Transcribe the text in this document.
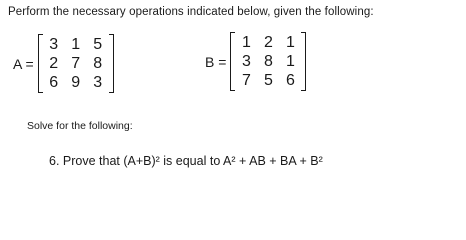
Perform the necessary operations indicated below, given the following:
A =
3 1 5
2 7 8
6 9 3
B =
1 2 1
3 8 1
7 5 6
Solve for the following:
6. Prove that (A+B)² is equal to A² + AB + BA + B²
